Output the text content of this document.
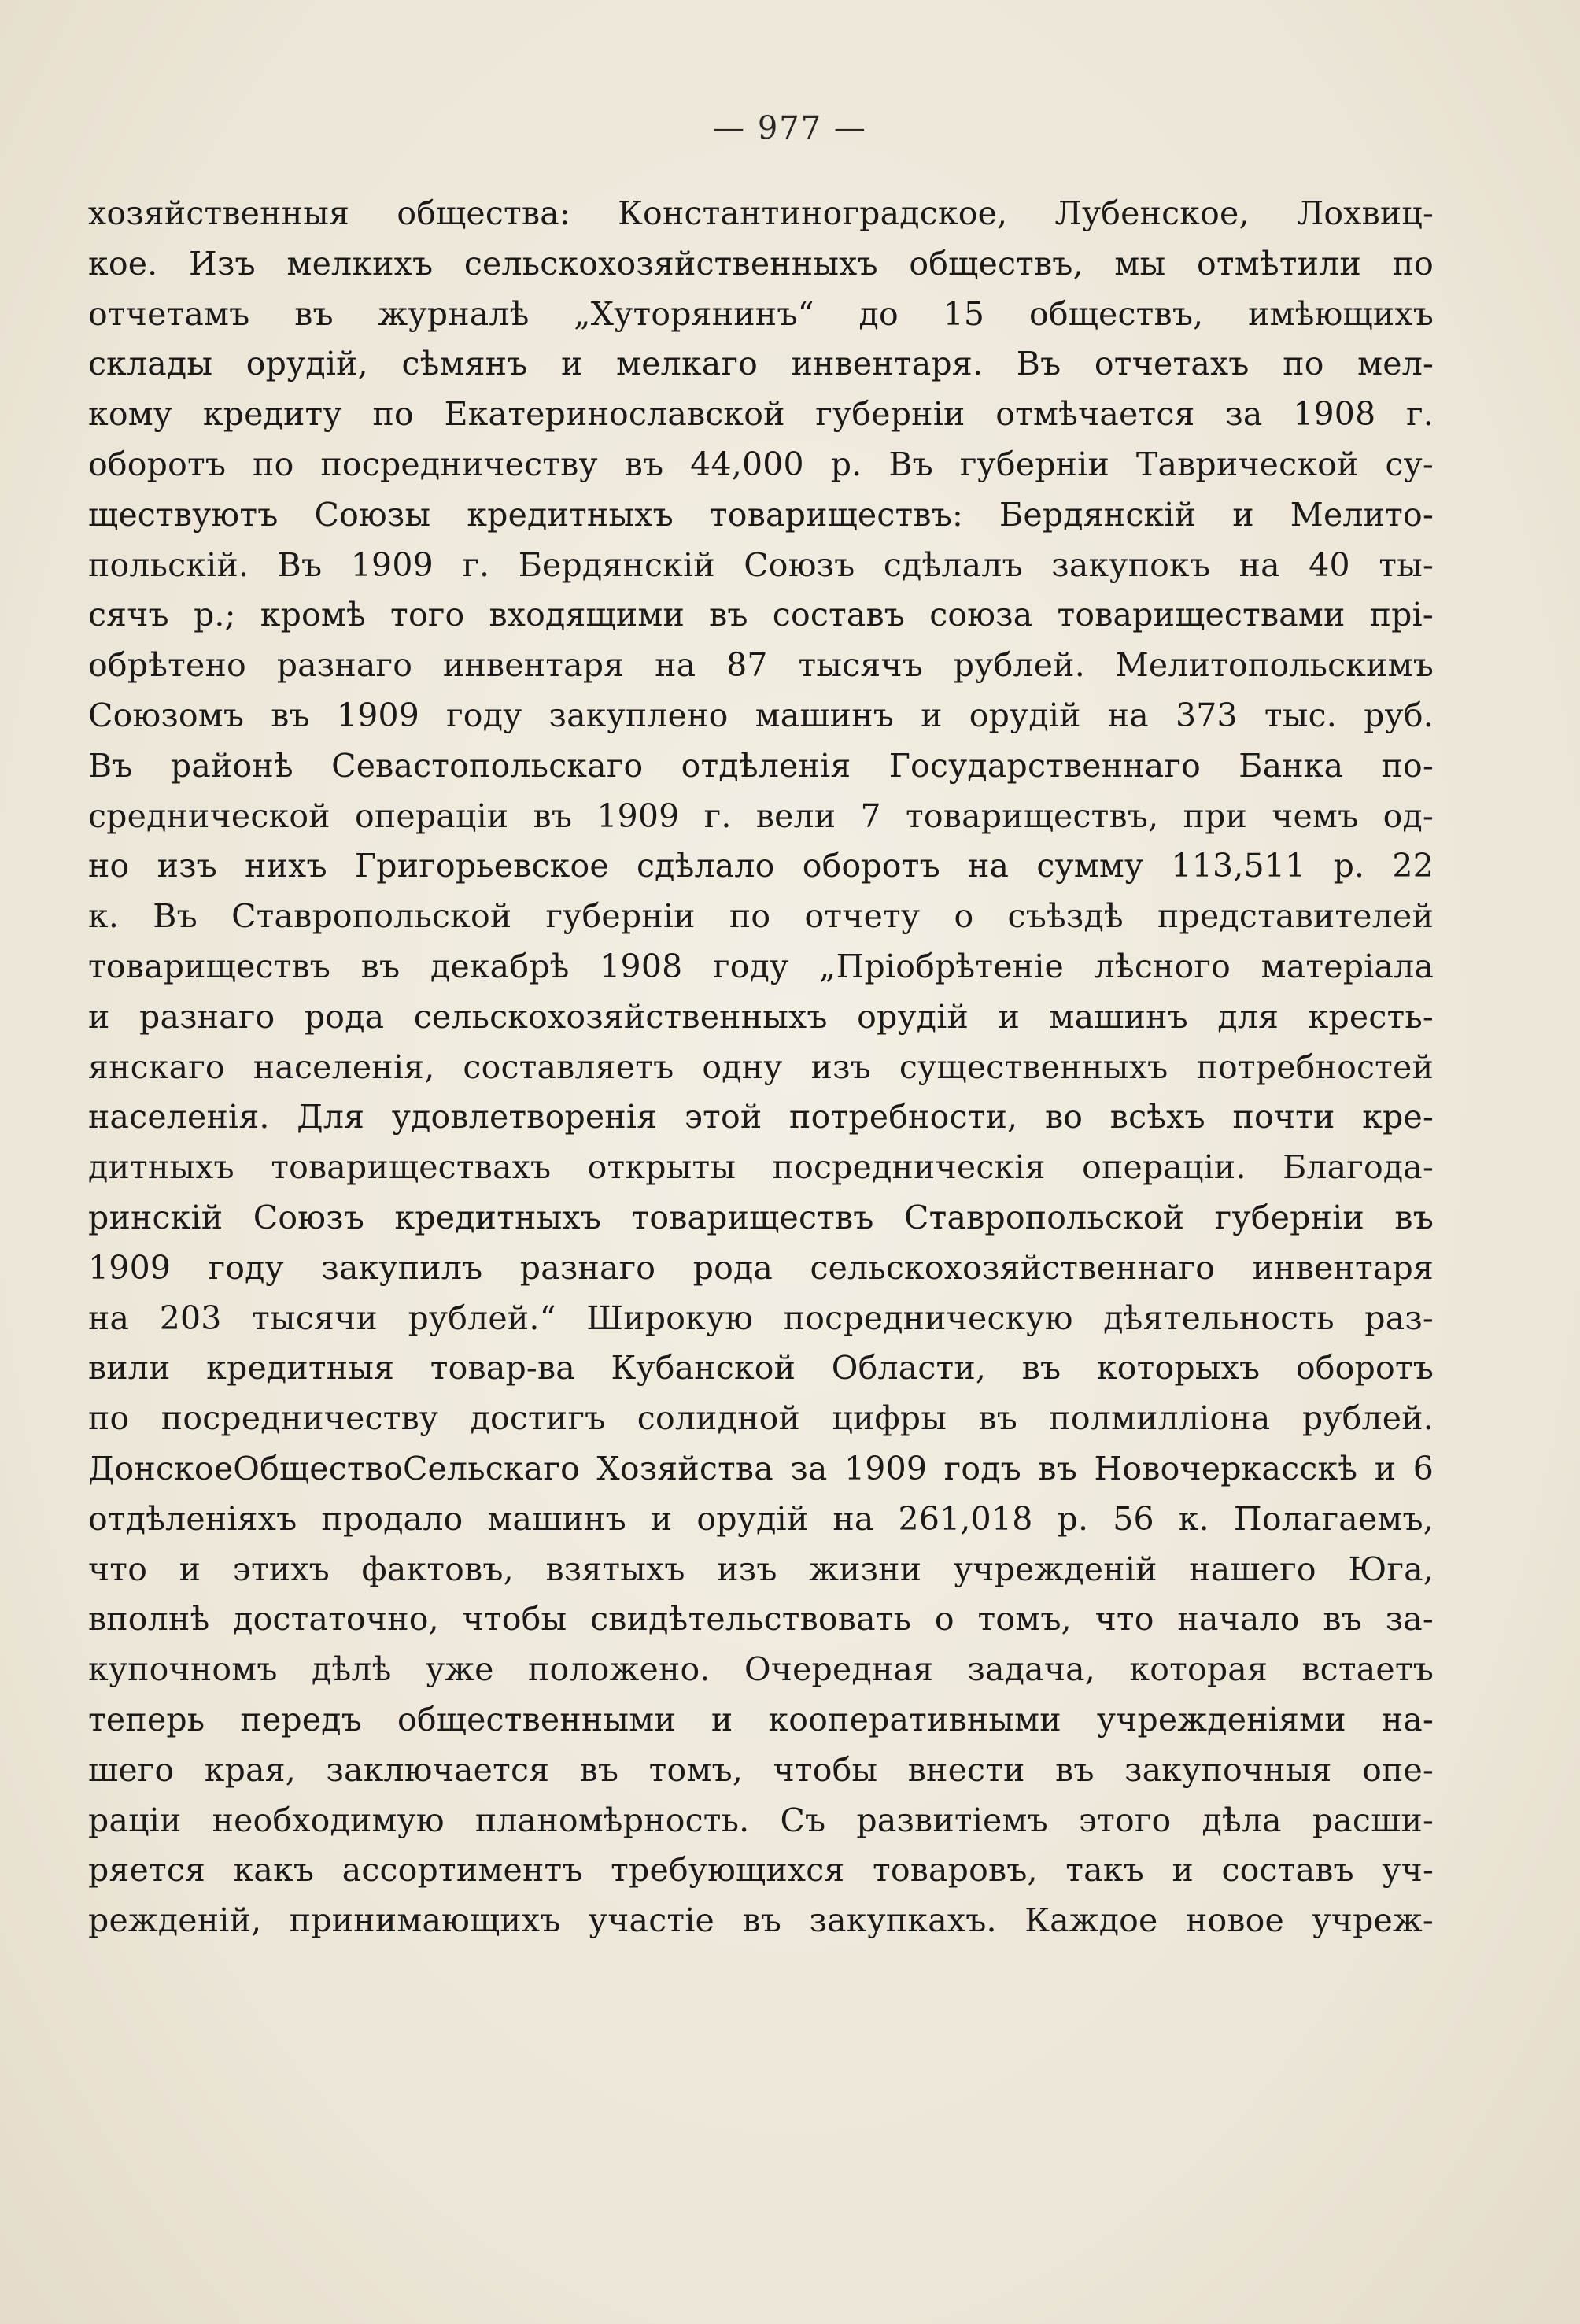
— 977 —
хозяйственныя общества: Константиноградское, Лубенское, Лохвиц-
кое. Изъ мелкихъ сельскохозяйственныхъ обществъ, мы отмѣтили по
отчетамъ въ журналѣ „Хуторянинъ“ до 15 обществъ, имѣющихъ
склады орудій, сѣмянъ и мелкаго инвентаря. Въ отчетахъ по мел-
кому кредиту по Екатеринославской губерніи отмѣчается за 1908 г.
оборотъ по посредничеству въ 44,000 р. Въ губерніи Таврической су-
ществуютъ Союзы кредитныхъ товариществъ: Бердянскій и Мелито-
польскій. Въ 1909 г. Бердянскій Союзъ сдѣлалъ закупокъ на 40 ты-
сячъ р.; кромѣ того входящими въ составъ союза товариществами прі-
обрѣтено разнаго инвентаря на 87 тысячъ рублей. Мелитопольскимъ
Союзомъ въ 1909 году закуплено машинъ и орудій на 373 тыс. руб.
Въ районѣ Севастопольскаго отдѣленія Государственнаго Банка по-
среднической операціи въ 1909 г. вели 7 товариществъ, при чемъ од-
но изъ нихъ Григорьевское сдѣлало оборотъ на сумму 113,511 р. 22
к. Въ Ставропольской губерніи по отчету о съѣздѣ представителей
товариществъ въ декабрѣ 1908 году „Пріобрѣтеніе лѣсного матеріала
и разнаго рода сельскохозяйственныхъ орудій и машинъ для кресть-
янскаго населенія, составляетъ одну изъ существенныхъ потребностей
населенія. Для удовлетворенія этой потребности, во всѣхъ почти кре-
дитныхъ товариществахъ открыты посредническія операціи. Благода-
ринскій Союзъ кредитныхъ товариществъ Ставропольской губерніи въ
1909 году закупилъ разнаго рода сельскохозяйственнаго инвентаря
на 203 тысячи рублей.“ Широкую посредническую дѣятельность раз-
вили кредитныя товар-ва Кубанской Области, въ которыхъ оборотъ
по посредничеству достигъ солидной цифры въ полмилліона рублей.
ДонскоеОбществоСельскаго Хозяйства за 1909 годъ въ Новочеркасскѣ и 6
отдѣленіяхъ продало машинъ и орудій на 261,018 р. 56 к. Полагаемъ,
что и этихъ фактовъ, взятыхъ изъ жизни учрежденій нашего Юга,
вполнѣ достаточно, чтобы свидѣтельствовать о томъ, что начало въ за-
купочномъ дѣлѣ уже положено. Очередная задача, которая встаетъ
теперь передъ общественными и кооперативными учрежденіями на-
шего края, заключается въ томъ, чтобы внести въ закупочныя опе-
раціи необходимую планомѣрность. Съ развитіемъ этого дѣла расши-
ряется какъ ассортиментъ требующихся товаровъ, такъ и составъ уч-
режденій, принимающихъ участіе въ закупкахъ. Каждое новое учреж-
